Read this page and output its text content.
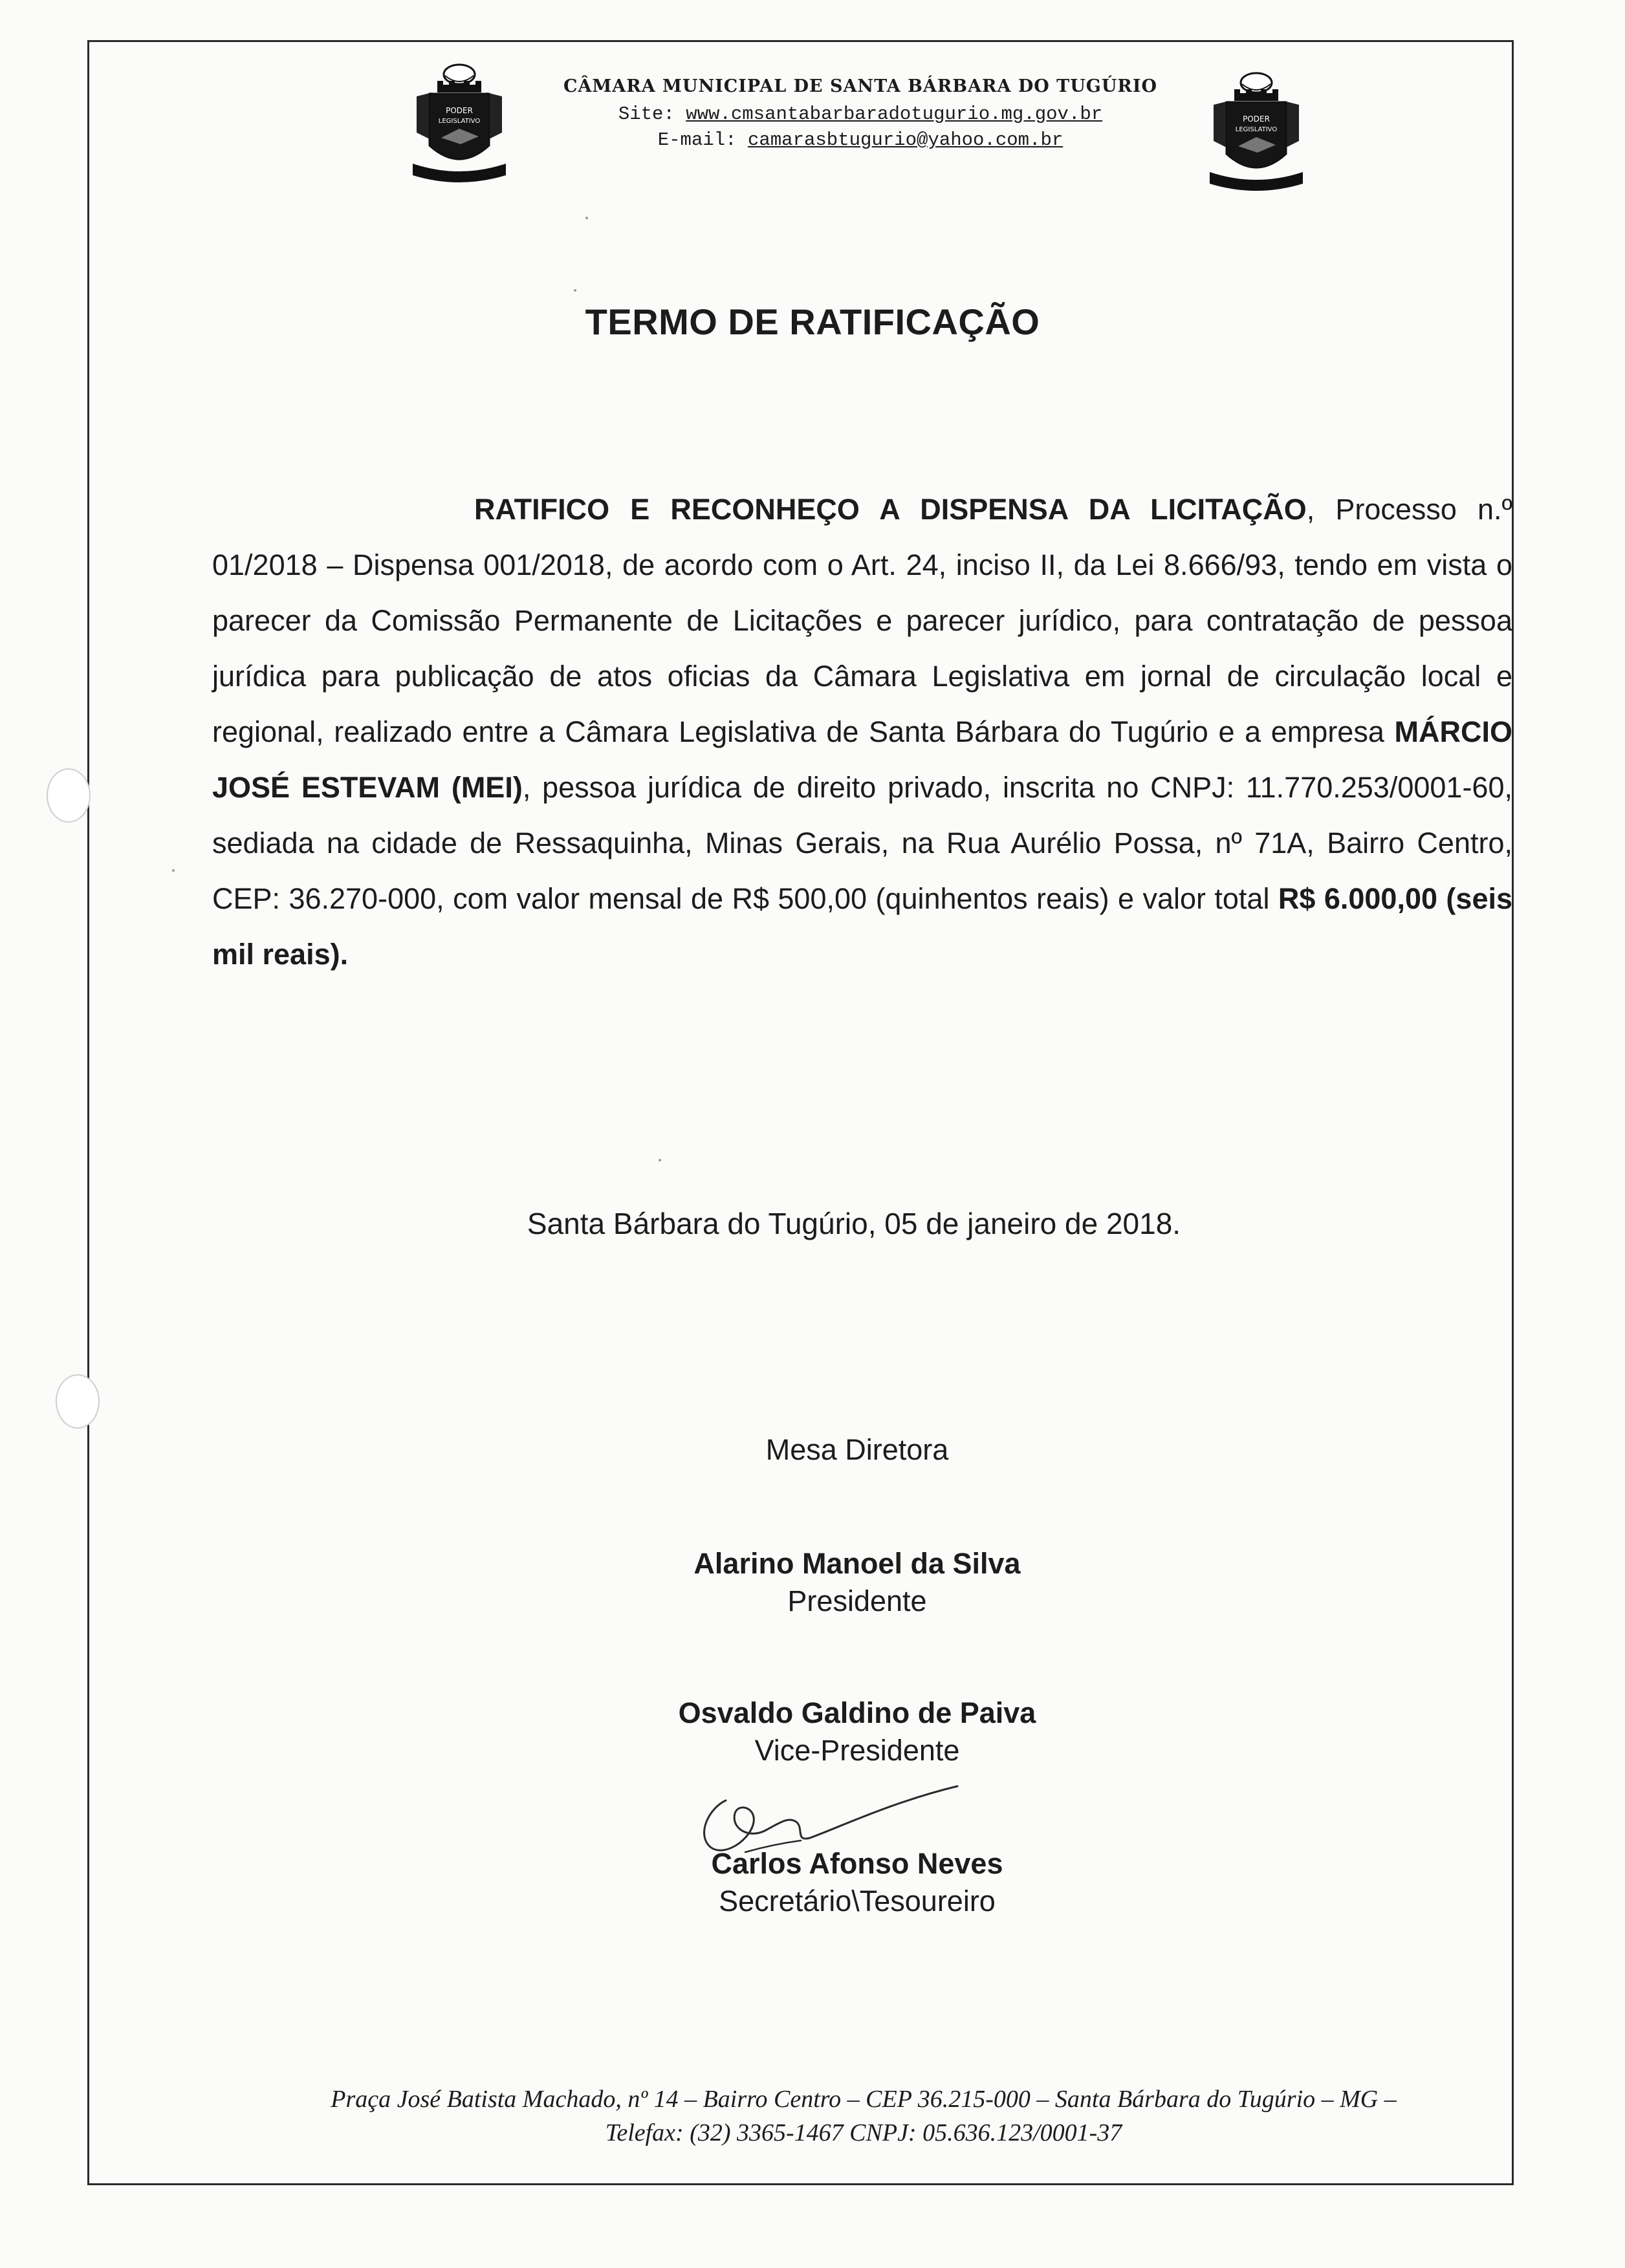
PODER
LEGISLATIVO	PODER
LEGISLATIVO
CÂMARA MUNICIPAL DE SANTA BÁRBARA DO TUGÚRIO
Site: www.cmsantabarbaradotugurio.mg.gov.br
E-mail: camarasbtugurio@yahoo.com.br
TERMO DE RATIFICAÇÃO
RATIFICO E RECONHEÇO A DISPENSA DA LICITAÇÃO, Processo n.º 01/2018 – Dispensa 001/2018, de acordo com o Art. 24, inciso II, da Lei 8.666/93, tendo em vista o parecer da Comissão Permanente de Licitações e parecer jurídico, para contratação de pessoa jurídica para publicação de atos oficias da Câmara Legislativa em jornal de circulação local e regional, realizado entre a Câmara Legislativa de Santa Bárbara do Tugúrio e a empresa MÁRCIO JOSÉ ESTEVAM (MEI), pessoa jurídica de direito privado, inscrita no CNPJ: 11.770.253/0001-60, sediada na cidade de Ressaquinha, Minas Gerais, na Rua Aurélio Possa, nº 71A, Bairro Centro, CEP: 36.270-000, com valor mensal de R$ 500,00 (quinhentos reais) e valor total R$ 6.000,00 (seis mil reais).
Santa Bárbara do Tugúrio, 05 de janeiro de 2018.
Mesa Diretora
Alarino Manoel da Silva
Presidente
Osvaldo Galdino de Paiva
Vice-Presidente
Carlos Afonso Neves
Secretário\Tesoureiro
Praça José Batista Machado, nº 14 – Bairro Centro – CEP 36.215-000 – Santa Bárbara do Tugúrio – MG –
Telefax: (32) 3365-1467 CNPJ: 05.636.123/0001-37
